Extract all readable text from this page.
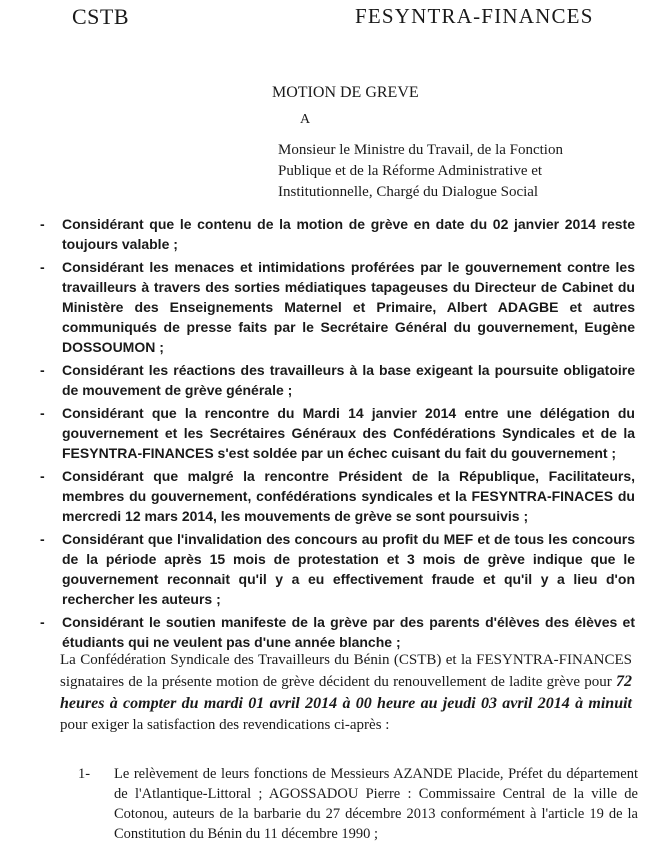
CSTB	FESYNTRA-FINANCES
MOTION DE GREVE
A
Monsieur le Ministre du Travail, de la Fonction Publique et de la Réforme Administrative et Institutionnelle, Chargé du Dialogue Social
- Considérant que le contenu de la motion de grève en date du 02 janvier 2014 reste toujours valable ;
- Considérant les menaces et intimidations proférées par le gouvernement contre les travailleurs à travers des sorties médiatiques tapageuses du Directeur de Cabinet du Ministère des Enseignements Maternel et Primaire, Albert ADAGBE et autres communiqués de presse faits par le Secrétaire Général du gouvernement, Eugène DOSSOUMON ;
- Considérant les réactions des travailleurs à la base exigeant la poursuite obligatoire de mouvement de grève générale ;
- Considérant que la rencontre du Mardi 14 janvier 2014 entre une délégation du gouvernement et les Secrétaires Généraux des Confédérations Syndicales et de la FESYNTRA-FINANCES s'est soldée par un échec cuisant du fait du gouvernement ;
- Considérant que malgré la rencontre Président de la République, Facilitateurs, membres du gouvernement, confédérations syndicales et la FESYNTRA-FINACES du mercredi 12 mars 2014, les mouvements de grève se sont poursuivis ;
- Considérant que l'invalidation des concours au profit du MEF et de tous les concours de la période après 15 mois de protestation et 3 mois de grève indique que le gouvernement reconnait qu'il y a eu effectivement fraude et qu'il y a lieu d'on rechercher les auteurs ;
- Considérant le soutien manifeste de la grève par des parents d'élèves des élèves et étudiants qui ne veulent pas d'une année blanche ;

La Confédération Syndicale des Travailleurs du Bénin (CSTB) et la FESYNTRA-FINANCES signataires de la présente motion de grève décident du renouvellement de ladite grève pour 72 heures à compter du mardi 01 avril 2014 à 00 heure au jeudi 03 avril 2014 à minuit pour exiger la satisfaction des revendications ci-après :

1- Le relèvement de leurs fonctions de Messieurs AZANDE Placide, Préfet du département de l'Atlantique-Littoral ; AGOSSADOU Pierre : Commissaire Central de la ville de Cotonou, auteurs de la barbarie du 27 décembre 2013 conformément à l'article 19 de la Constitution du Bénin du 11 décembre 1990 ;
